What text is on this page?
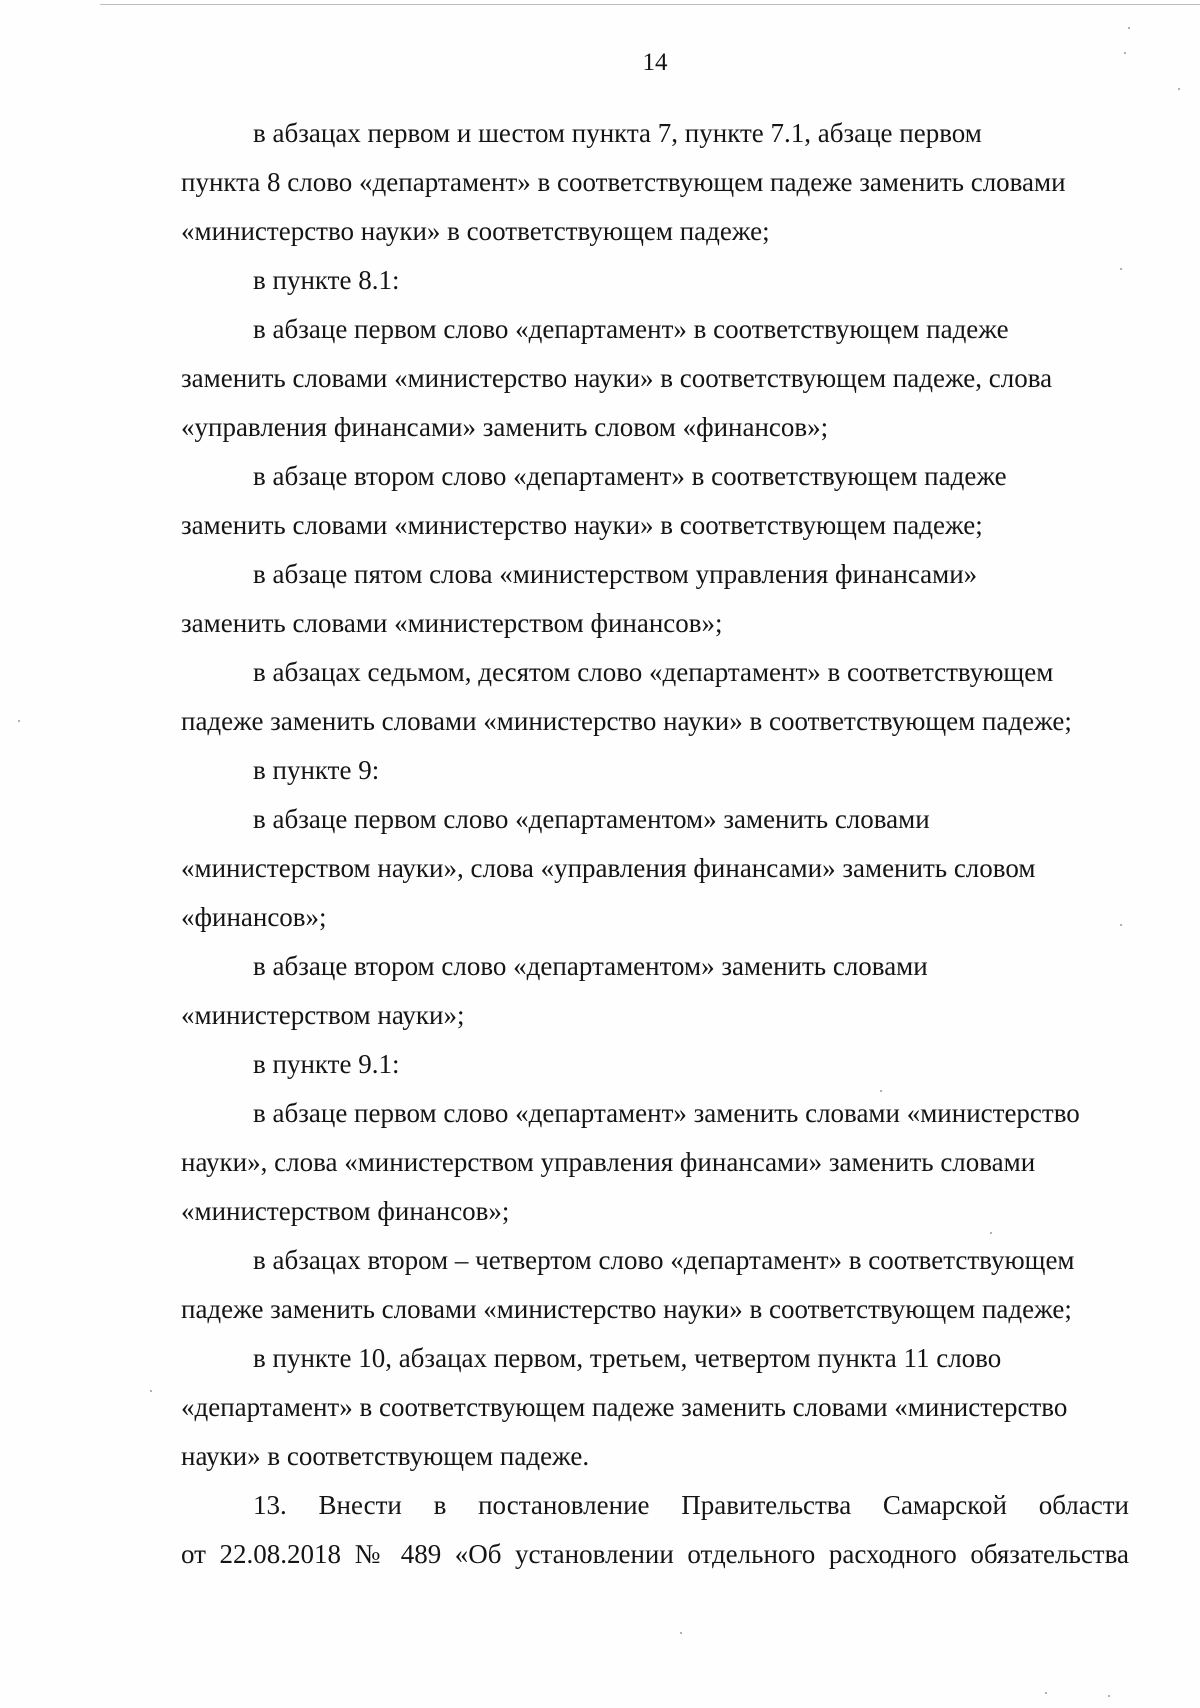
14

в абзацах первом и шестом пункта 7, пункте 7.1, абзаце первом
пункта 8 слово «департамент» в соответствующем падеже заменить словами
«министерство науки» в соответствующем падеже;

в пункте 8.1:

в абзаце первом слово «департамент» в соответствующем падеже
заменить словами «министерство науки» в соответствующем падеже, слова
«управления финансами» заменить словом «финансов»;

в абзаце втором слово «департамент» в соответствующем падеже
заменить словами «министерство науки» в соответствующем падеже;

в абзаце пятом слова «министерством управления финансами»
заменить словами «министерством финансов»;

в абзацах седьмом, десятом слово «департамент» в соответствующем
падеже заменить словами «министерство науки» в соответствующем падеже;

в пункте 9:

в абзаце первом слово «департаментом» заменить словами
«министерством науки», слова «управления финансами» заменить словом
«финансов»;

в абзаце втором слово «департаментом» заменить словами
«министерством науки»;

в пункте 9.1:

в абзаце первом слово «департамент» заменить словами «министерство
науки», слова «министерством управления финансами» заменить словами
«министерством финансов»;

в абзацах втором – четвертом слово «департамент» в соответствующем
падеже заменить словами «министерство науки» в соответствующем падеже;

в пункте 10, абзацах первом, третьем, четвертом пункта 11 слово
«департамент» в соответствующем падеже заменить словами «министерство
науки» в соответствующем падеже.

13. Внести в постановление Правительства Самарской области
от 22.08.2018 № 489 «Об установлении отдельного расходного обязательства
